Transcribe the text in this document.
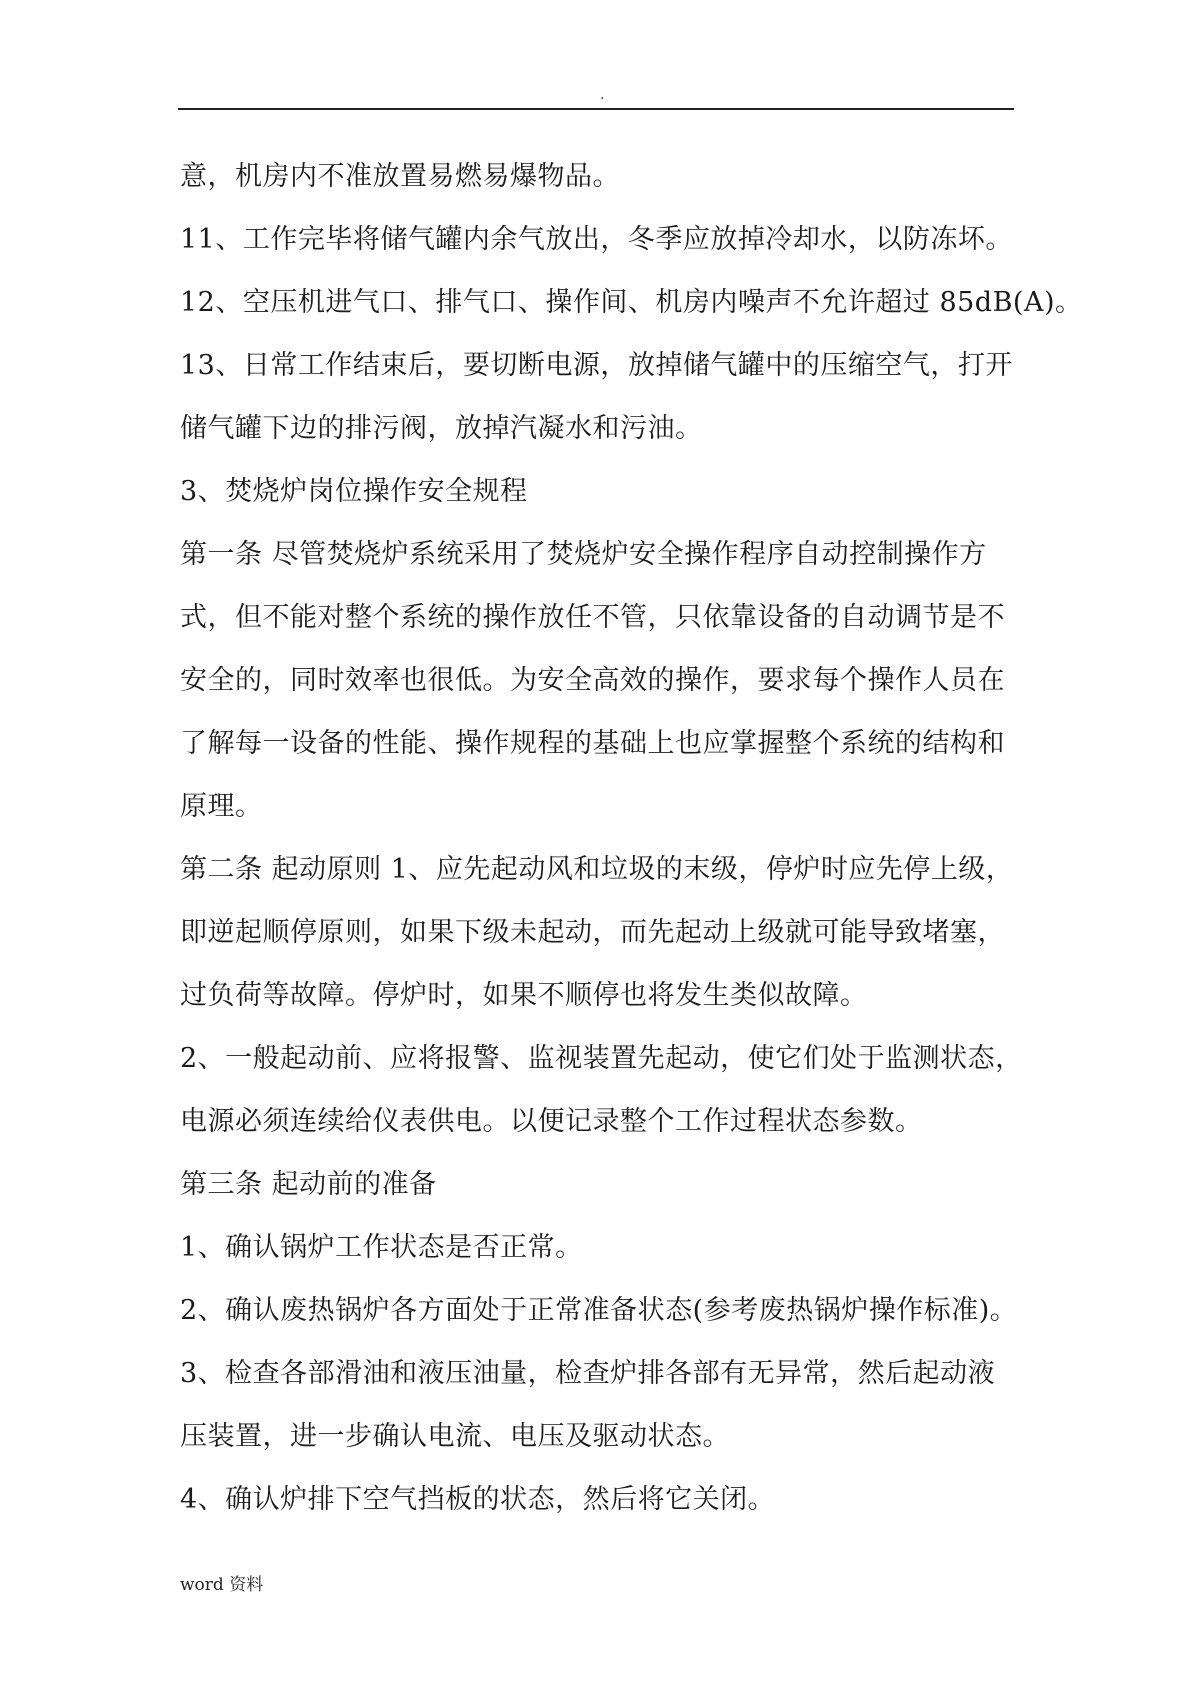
.
意，机房内不准放置易燃易爆物品。
11、工作完毕将储气罐内余气放出，冬季应放掉冷却水，以防冻坏。
12、空压机进气口、排气口、操作间、机房内噪声不允许超过 85dB(A)。
13、日常工作结束后，要切断电源，放掉储气罐中的压缩空气，打开
储气罐下边的排污阀，放掉汽凝水和污油。
3、焚烧炉岗位操作安全规程
第一条 尽管焚烧炉系统采用了焚烧炉安全操作程序自动控制操作方
式，但不能对整个系统的操作放任不管，只依靠设备的自动调节是不
安全的，同时效率也很低。为安全高效的操作，要求每个操作人员在
了解每一设备的性能、操作规程的基础上也应掌握整个系统的结构和
原理。
第二条 起动原则 1、应先起动风和垃圾的末级，停炉时应先停上级，
即逆起顺停原则，如果下级未起动，而先起动上级就可能导致堵塞，
过负荷等故障。停炉时，如果不顺停也将发生类似故障。
2、一般起动前、应将报警、监视装置先起动，使它们处于监测状态，
电源必须连续给仪表供电。以便记录整个工作过程状态参数。
第三条 起动前的准备
1、确认锅炉工作状态是否正常。
2、确认废热锅炉各方面处于正常准备状态(参考废热锅炉操作标准)。
3、检查各部滑油和液压油量，检查炉排各部有无异常，然后起动液
压装置，进一步确认电流、电压及驱动状态。
4、确认炉排下空气挡板的状态，然后将它关闭。
word 资料
